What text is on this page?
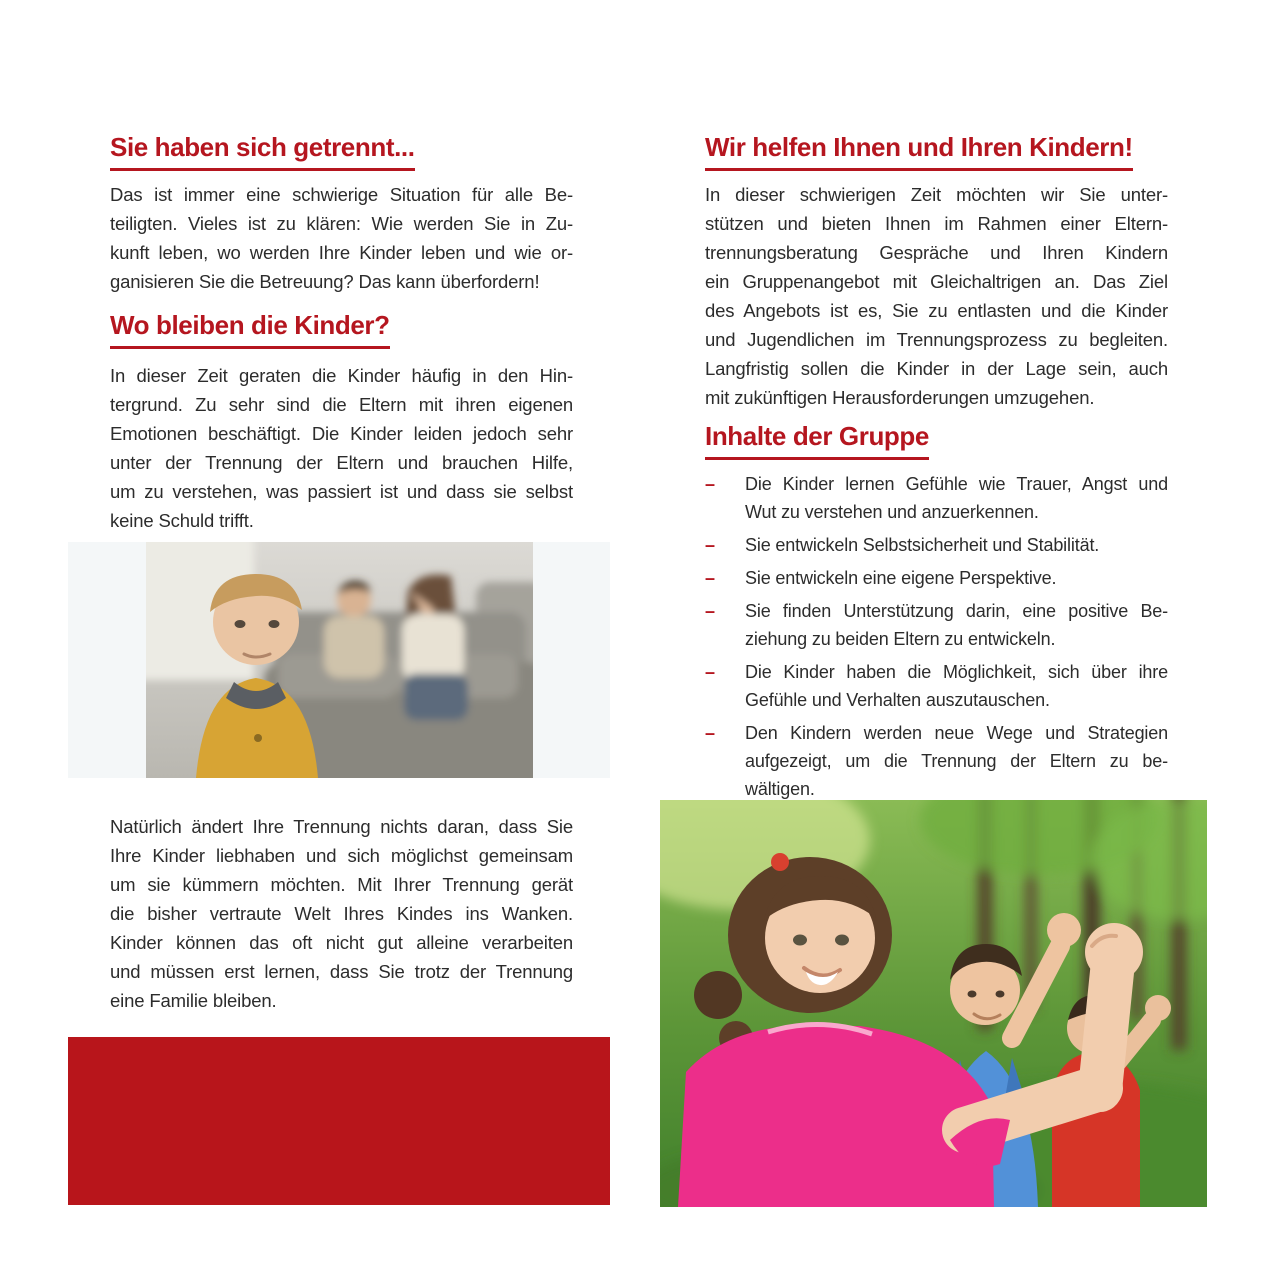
Sie haben sich getrennt...
Das ist immer eine schwierige Situation für alle Be-
teiligten. Vieles ist zu klären: Wie werden Sie in Zu-
kunft leben, wo werden Ihre Kinder leben und wie or-
ganisieren Sie die Betreuung? Das kann überfordern!
Wo bleiben die Kinder?
In dieser Zeit geraten die Kinder häufig in den Hin-
tergrund. Zu sehr sind die Eltern mit ihren eigenen
Emotionen beschäftigt. Die Kinder leiden jedoch sehr
unter der Trennung der Eltern und brauchen Hilfe,
um zu verstehen, was passiert ist und dass sie selbst
keine Schuld trifft.
Natürlich ändert Ihre Trennung nichts daran, dass Sie
Ihre Kinder liebhaben und sich möglichst gemeinsam
um sie kümmern möchten. Mit Ihrer Trennung gerät
die bisher vertraute Welt Ihres Kindes ins Wanken.
Kinder können das oft nicht gut alleine verarbeiten
und müssen erst lernen, dass Sie trotz der Trennung
eine Familie bleiben.
Wir helfen Ihnen und Ihren Kindern!
In dieser schwierigen Zeit möchten wir Sie unter-
stützen und bieten Ihnen im Rahmen einer Eltern-
trennungsberatung Gespräche und Ihren Kindern
ein Gruppenangebot mit Gleichaltrigen an. Das Ziel
des Angebots ist es, Sie zu entlasten und die Kinder
und Jugendlichen im Trennungsprozess zu begleiten.
Langfristig sollen die Kinder in der Lage sein, auch
mit zukünftigen Herausforderungen umzugehen.
Inhalte der Gruppe
–	Die Kinder lernen Gefühle wie Trauer, Angst und
Wut zu verstehen und anzuerkennen.
–	Sie entwickeln Selbstsicherheit und Stabilität.
–	Sie entwickeln eine eigene Perspektive.
–	Sie finden Unterstützung darin, eine positive Be-
ziehung zu beiden Eltern zu entwickeln.
–	Die Kinder haben die Möglichkeit, sich über ihre
Gefühle und Verhalten auszutauschen.
–	Den Kindern werden neue Wege und Strategien
aufgezeigt, um die Trennung der Eltern zu be-
wältigen.
